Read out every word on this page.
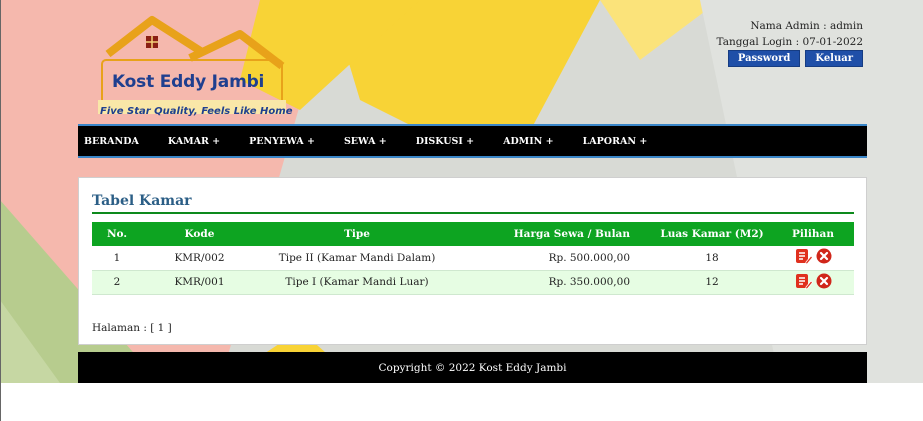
Kost Eddy Jambi
Five Star Quality, Feels Like Home
Nama Admin : admin
Tanggal Login : 07-01-2022
Password	Keluar
BERANDA	KAMAR +	PENYEWA +	SEWA +	DISKUSI +	ADMIN +	LAPORAN +
Tabel Kamar
No.	Kode	Tipe	Harga Sewa / Bulan	Luas Kamar (M2)	Pilihan
1	KMR/002	Tipe II (Kamar Mandi Dalam)	Rp. 500.000,00	18	

2	KMR/001	Tipe I (Kamar Mandi Luar)	Rp. 350.000,00	12	
Halaman : [ 1 ]
Copyright © 2022 Kost Eddy Jambi
